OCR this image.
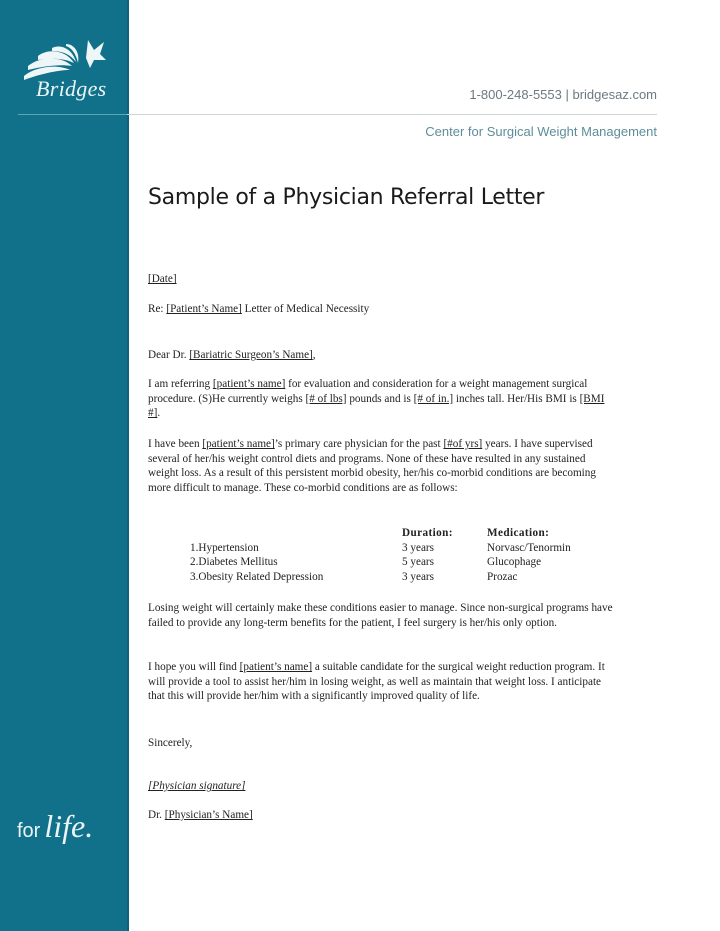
Bridges
for life.
1-800-248-5553 | bridgesaz.com
Center for Surgical Weight Management
Sample of a Physician Referral Letter
[Date]
Re: [Patient’s Name] Letter of Medical Necessity
Dear Dr. [Bariatric Surgeon’s Name],
I am referring [patient’s name] for evaluation and consideration for a weight management surgical procedure. (S)He currently weighs [# of lbs] pounds and is [# of in.] inches tall. Her/His BMI is [BMI #].
I have been [patient’s name]’s primary care physician for the past [#of yrs] years. I have supervised several of her/his weight control diets and programs. None of these have resulted in any sustained weight loss. As a result of this persistent morbid obesity, her/his co-morbid conditions are becoming more difficult to manage. These co-morbid conditions are as follows:
	Duration:	Medication:
1.Hypertension	3 years	Norvasc/Tenormin
2.Diabetes Mellitus	5 years	Glucophage
3.Obesity Related Depression	3 years	Prozac
Losing weight will certainly make these conditions easier to manage. Since non-surgical programs have failed to provide any long-term benefits for the patient, I feel surgery is her/his only option.
I hope you will find [patient’s name] a suitable candidate for the surgical weight reduction program. It will provide a tool to assist her/him in losing weight, as well as maintain that weight loss. I anticipate that this will provide her/him with a significantly improved quality of life.
Sincerely,
[Physician signature]
Dr. [Physician’s Name]
